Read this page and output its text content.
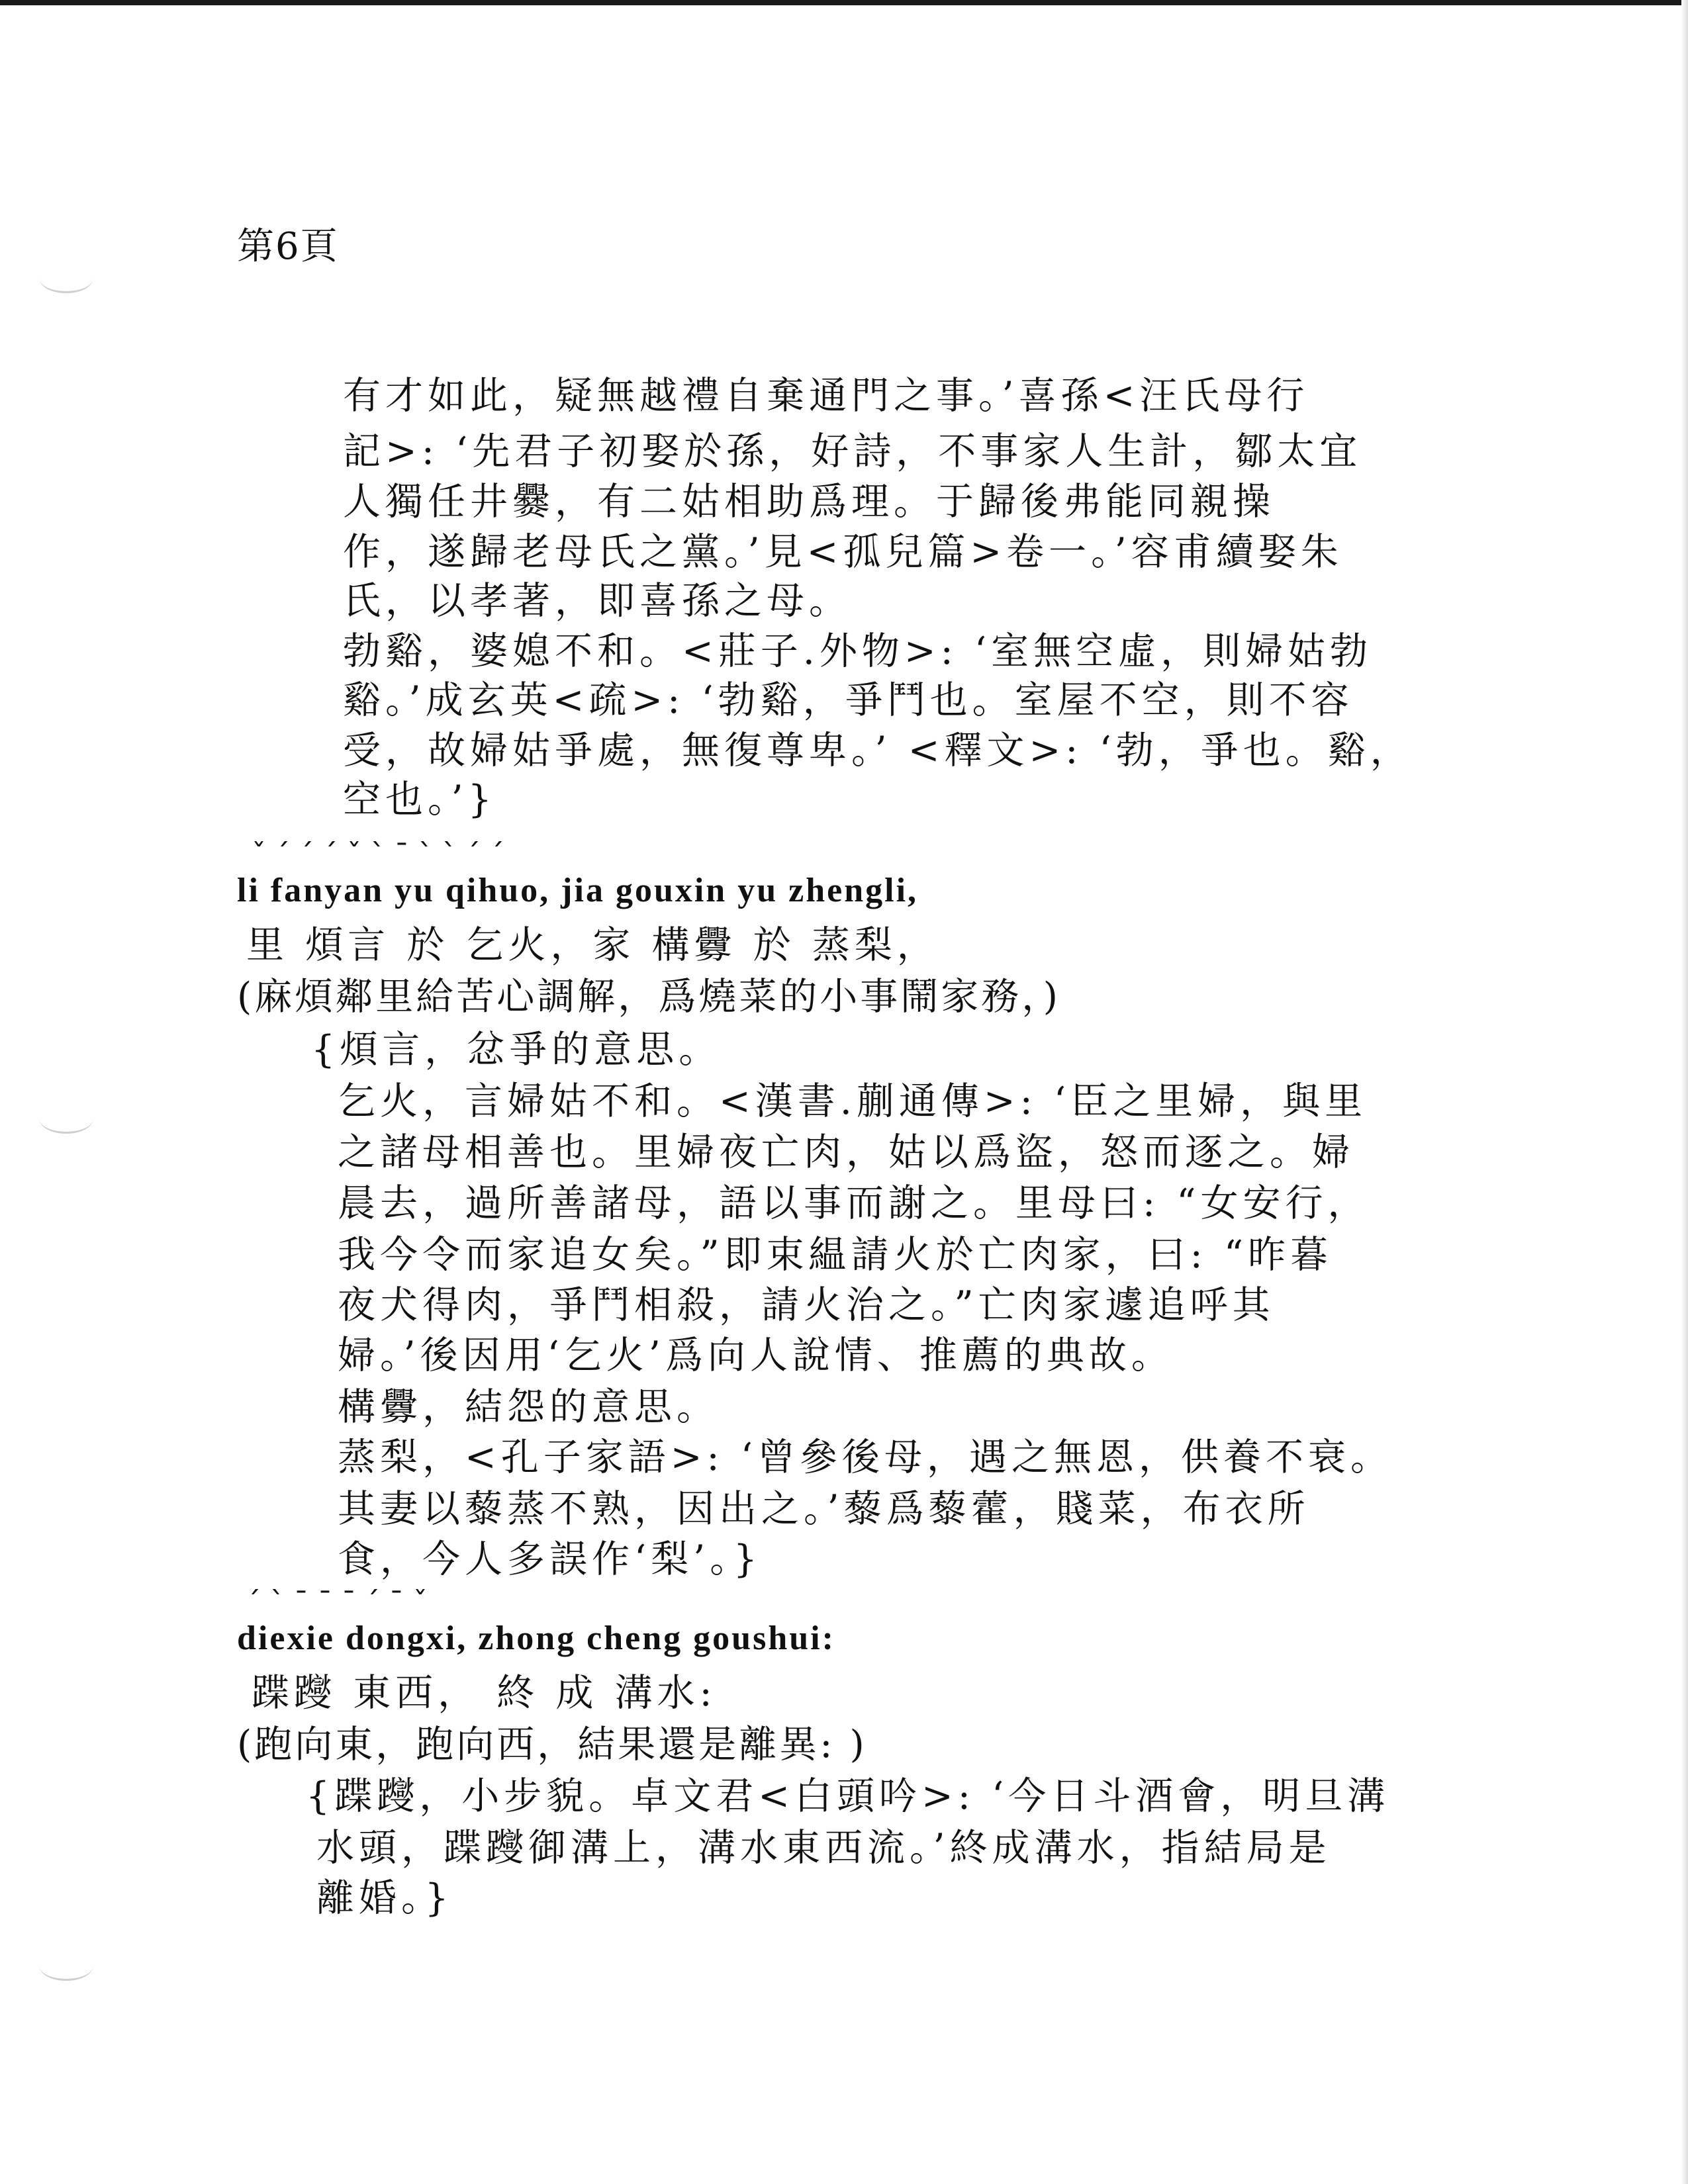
第6頁
有才如此，疑無越禮自棄通門之事。’喜孫<汪氏母行
記>: ‘先君子初娶於孫，好詩，不事家人生計，鄒太宜
人獨任井爨，有二姑相助爲理。于歸後弗能同親操
作，遂歸老母氏之黨。’見<孤兒篇>卷一。’容甫續娶朱
氏，以孝著，即喜孫之母。
勃谿，婆媳不和。<莊子.外物>: ‘室無空虛，則婦姑勃
谿。’成玄英<疏>: ‘勃谿，爭鬥也。室屋不空，則不容
受，故婦姑爭處，無復尊卑。’ <釋文>: ‘勃，爭也。谿，
空也。’}
ˇ ˊ ˊ ˊ ˇ ˋ ˉ ˋ ˋ ˊ ˊ
li fanyan yu qihuo, jia gouxin yu zhengli,
里 煩言 於 乞火，家 構釁 於 蒸梨，
(麻煩鄰里給苦心調解，爲燒菜的小事鬧家務，)
{煩言，忿爭的意思。
乞火，言婦姑不和。<漢書.蒯通傳>: ‘臣之里婦，與里
之諸母相善也。里婦夜亡肉，姑以爲盜，怒而逐之。婦
晨去，過所善諸母，語以事而謝之。里母曰: “女安行，
我今令而家追女矣。”即束緼請火於亡肉家，曰: “昨暮
夜犬得肉，爭鬥相殺，請火治之。”亡肉家遽追呼其
婦。’後因用‘乞火’爲向人說情、推薦的典故。
構釁，結怨的意思。
蒸梨，<孔子家語>: ‘曾參後母，遇之無恩，供養不衰。
其妻以藜蒸不熟，因出之。’藜爲藜藿，賤菜，布衣所
食，今人多誤作‘梨’。}
ˊ ˋ ˉ ˉ ˉ ˊ ˉ ˇ
diexie dongxi, zhong cheng goushui:
蹀躞 東西， 終 成 溝水:
(跑向東，跑向西，結果還是離異: )
{蹀躞，小步貌。卓文君<白頭吟>: ‘今日斗酒會，明旦溝
水頭，蹀躞御溝上，溝水東西流。’終成溝水，指結局是
離婚。}
